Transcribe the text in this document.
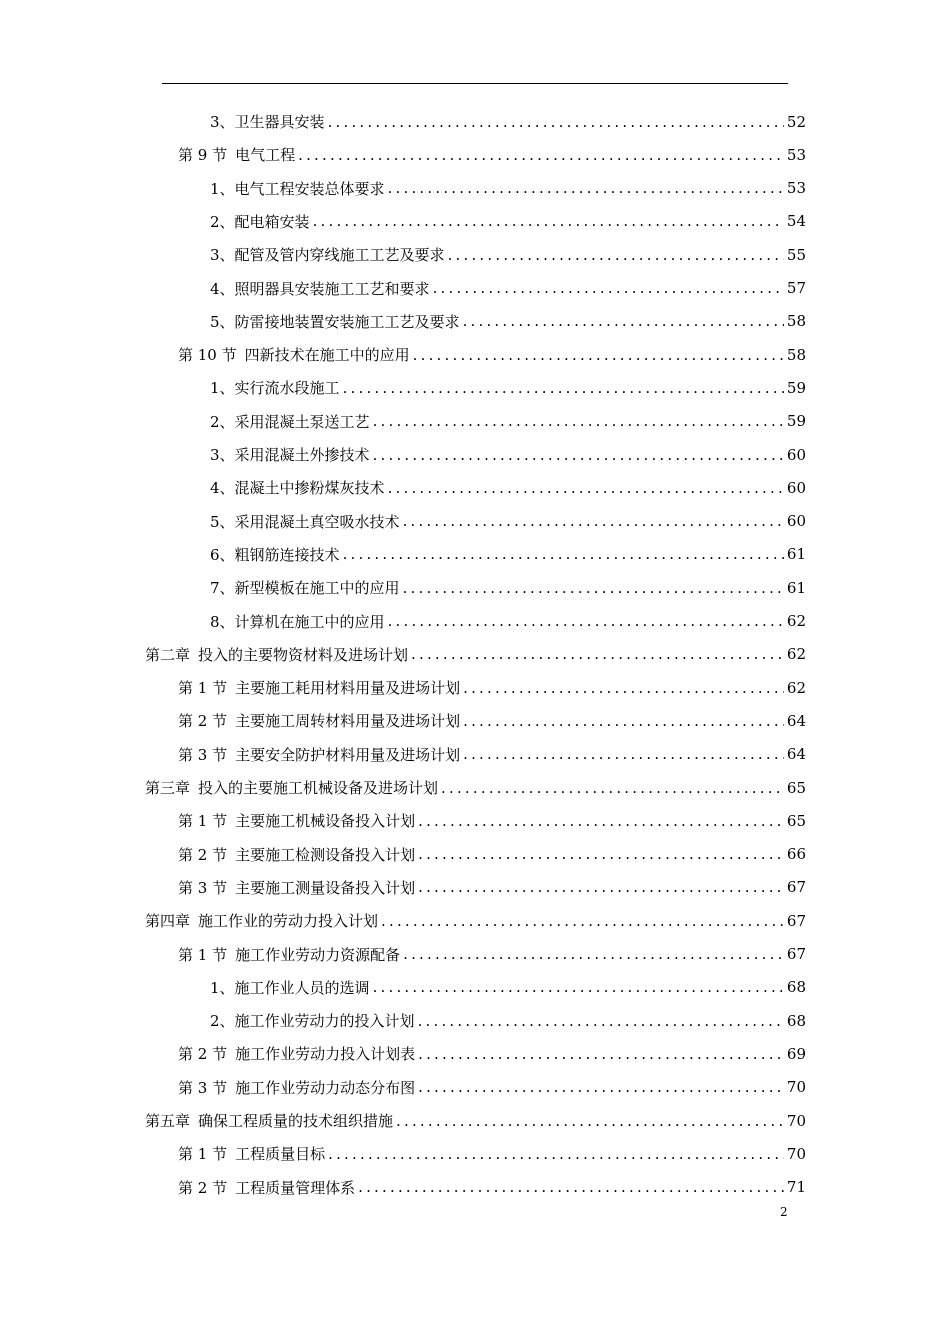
3、 卫生器具安装 .....	52
第 9 节 电气工程 .....	53
1、 电气工程安装总体要求 .....	53
2、 配电箱安装 .....	54
3、 配管及管内穿线施工工艺及要求 .....	55
4、 照明器具安装施工工艺和要求 .....	57
5、 防雷接地装置安装施工工艺及要求 .....	58
第 10 节 四新技术在施工中的应用 .....	58
1、 实行流水段施工 .....	59
2、 采用混凝土泵送工艺 .....	59
3、 采用混凝土外掺技术 .....	60
4、 混凝土中掺粉煤灰技术 .....	60
5、 采用混凝土真空吸水技术 .....	60
6、 粗钢筋连接技术 .....	61
7、 新型模板在施工中的应用 .....	61
8、 计算机在施工中的应用 .....	62
第二章 投入的主要物资材料及进场计划 .....	62
第 1 节 主要施工耗用材料用量及进场计划 .....	62
第 2 节 主要施工周转材料用量及进场计划 .....	64
第 3 节 主要安全防护材料用量及进场计划 .....	64
第三章 投入的主要施工机械设备及进场计划 .....	65
第 1 节 主要施工机械设备投入计划 .....	65
第 2 节 主要施工检测设备投入计划 .....	66
第 3 节 主要施工测量设备投入计划 .....	67
第四章 施工作业的劳动力投入计划 .....	67
第 1 节 施工作业劳动力资源配备 .....	67
1、 施工作业人员的选调 .....	68
2、 施工作业劳动力的投入计划 .....	68
第 2 节 施工作业劳动力投入计划表 .....	69
第 3 节 施工作业劳动力动态分布图 .....	70
第五章 确保工程质量的技术组织措施 .....	70
第 1 节 工程质量目标 .....	70
第 2 节 工程质量管理体系 .....	71
2
